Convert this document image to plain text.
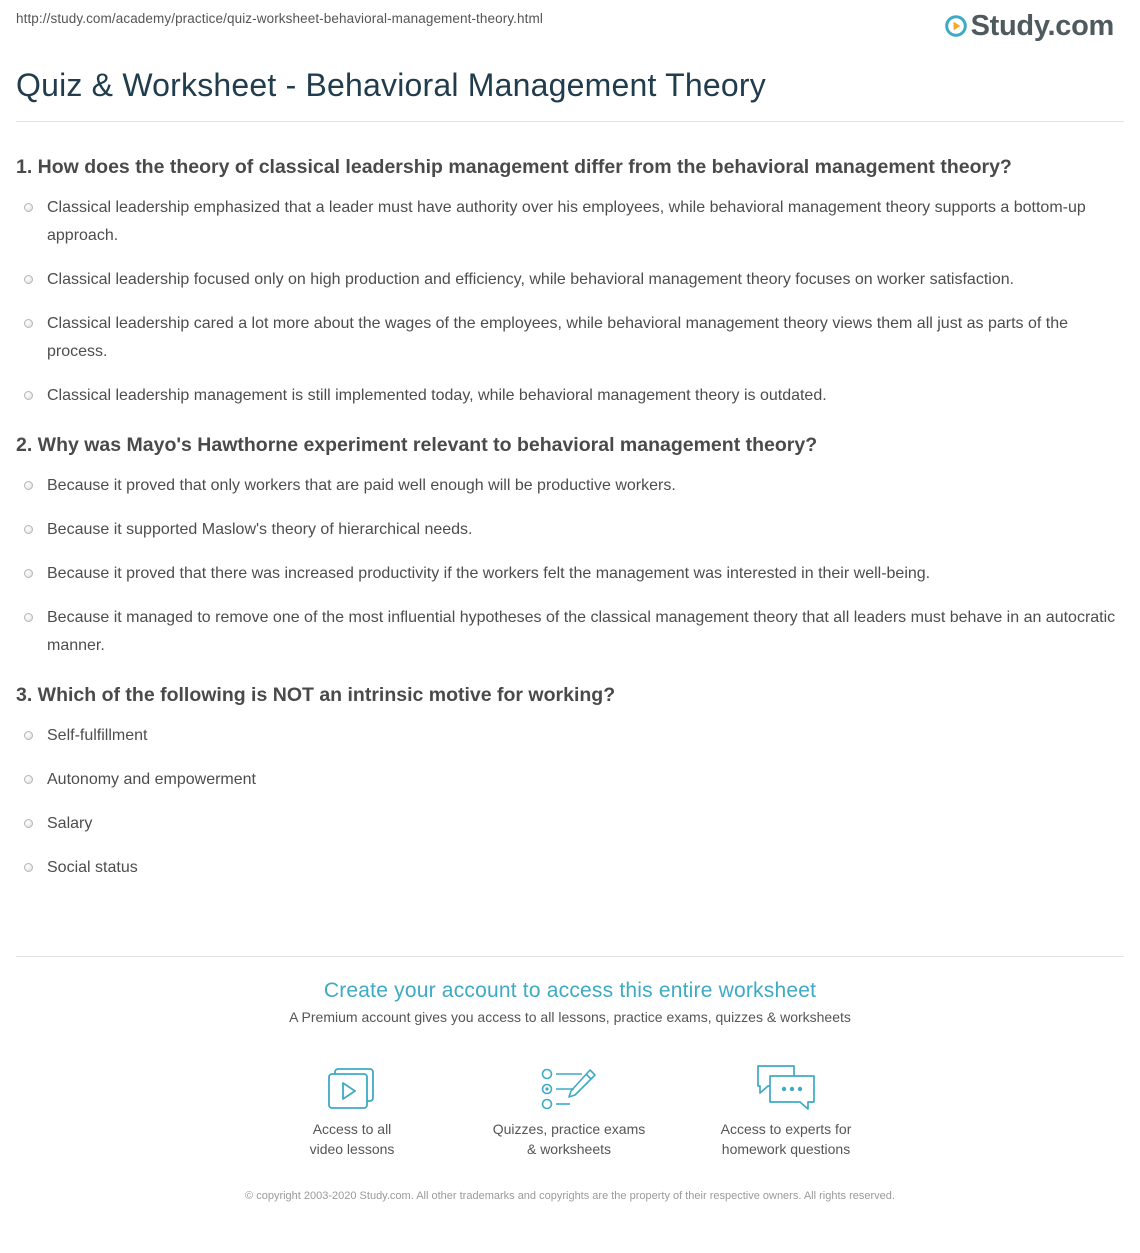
http://study.com/academy/practice/quiz-worksheet-behavioral-management-theory.html	Study.com
Quiz & Worksheet - Behavioral Management Theory
1. How does the theory of classical leadership management differ from the behavioral management theory?
Classical leadership emphasized that a leader must have authority over his employees, while behavioral management theory supports a bottom-up approach.
Classical leadership focused only on high production and efficiency, while behavioral management theory focuses on worker satisfaction.
Classical leadership cared a lot more about the wages of the employees, while behavioral management theory views them all just as parts of the process.
Classical leadership management is still implemented today, while behavioral management theory is outdated.
2. Why was Mayo's Hawthorne experiment relevant to behavioral management theory?
Because it proved that only workers that are paid well enough will be productive workers.
Because it supported Maslow's theory of hierarchical needs.
Because it proved that there was increased productivity if the workers felt the management was interested in their well-being.
Because it managed to remove one of the most influential hypotheses of the classical management theory that all leaders must behave in an autocratic manner.
3. Which of the following is NOT an intrinsic motive for working?
Self-fulfillment
Autonomy and empowerment
Salary
Social status
Create your account to access this entire worksheet
A Premium account gives you access to all lessons, practice exams, quizzes & worksheets
Access to all
video lessons
Quizzes, practice exams
& worksheets
Access to experts for
homework questions
© copyright 2003-2020 Study.com. All other trademarks and copyrights are the property of their respective owners. All rights reserved.
